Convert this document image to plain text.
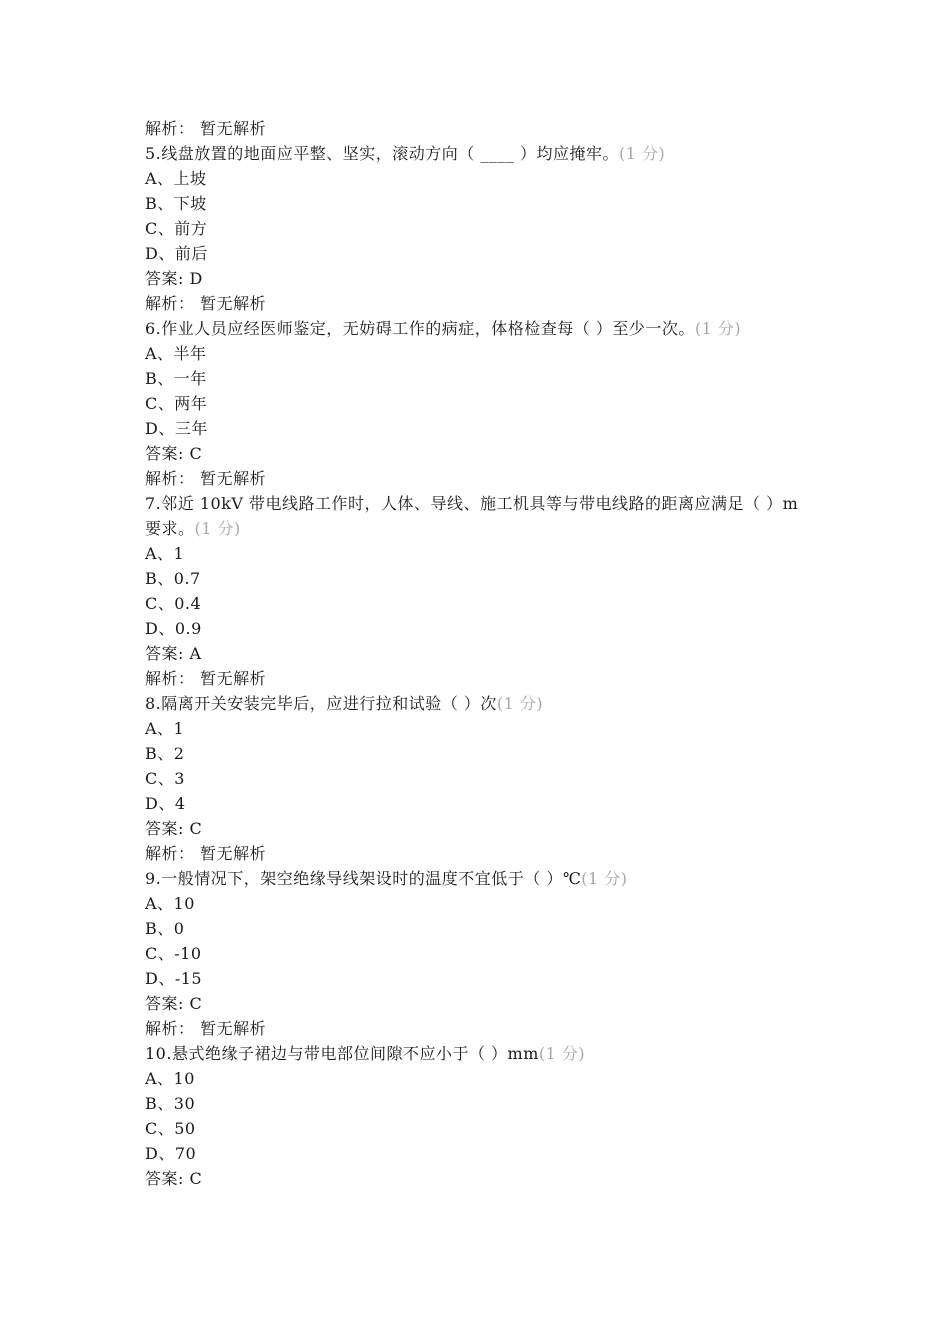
解析： 暂无解析
5.线盘放置的地面应平整、坚实，滚动方向（ ____ ）均应掩牢。(1 分)
A、上坡
B、下坡
C、前方
D、前后
答案: D
解析： 暂无解析
6.作业人员应经医师鉴定，无妨碍工作的病症，体格检查每（ ）至少一次。(1 分)
A、半年
B、一年
C、两年
D、三年
答案: C
解析： 暂无解析
7.邻近 10kV 带电线路工作时，人体、导线、施工机具等与带电线路的距离应满足（ ）m 要求。(1 分)
A、1
B、0.7
C、0.4
D、0.9
答案: A
解析： 暂无解析
8.隔离开关安装完毕后，应进行拉和试验（ ）次(1 分)
A、1
B、2
C、3
D、4
答案: C
解析： 暂无解析
9.一般情况下，架空绝缘导线架设时的温度不宜低于（ ）℃(1 分)
A、10
B、0
C、-10
D、-15
答案: C
解析： 暂无解析
10.悬式绝缘子裙边与带电部位间隙不应小于（ ）mm(1 分)
A、10
B、30
C、50
D、70
答案: C
